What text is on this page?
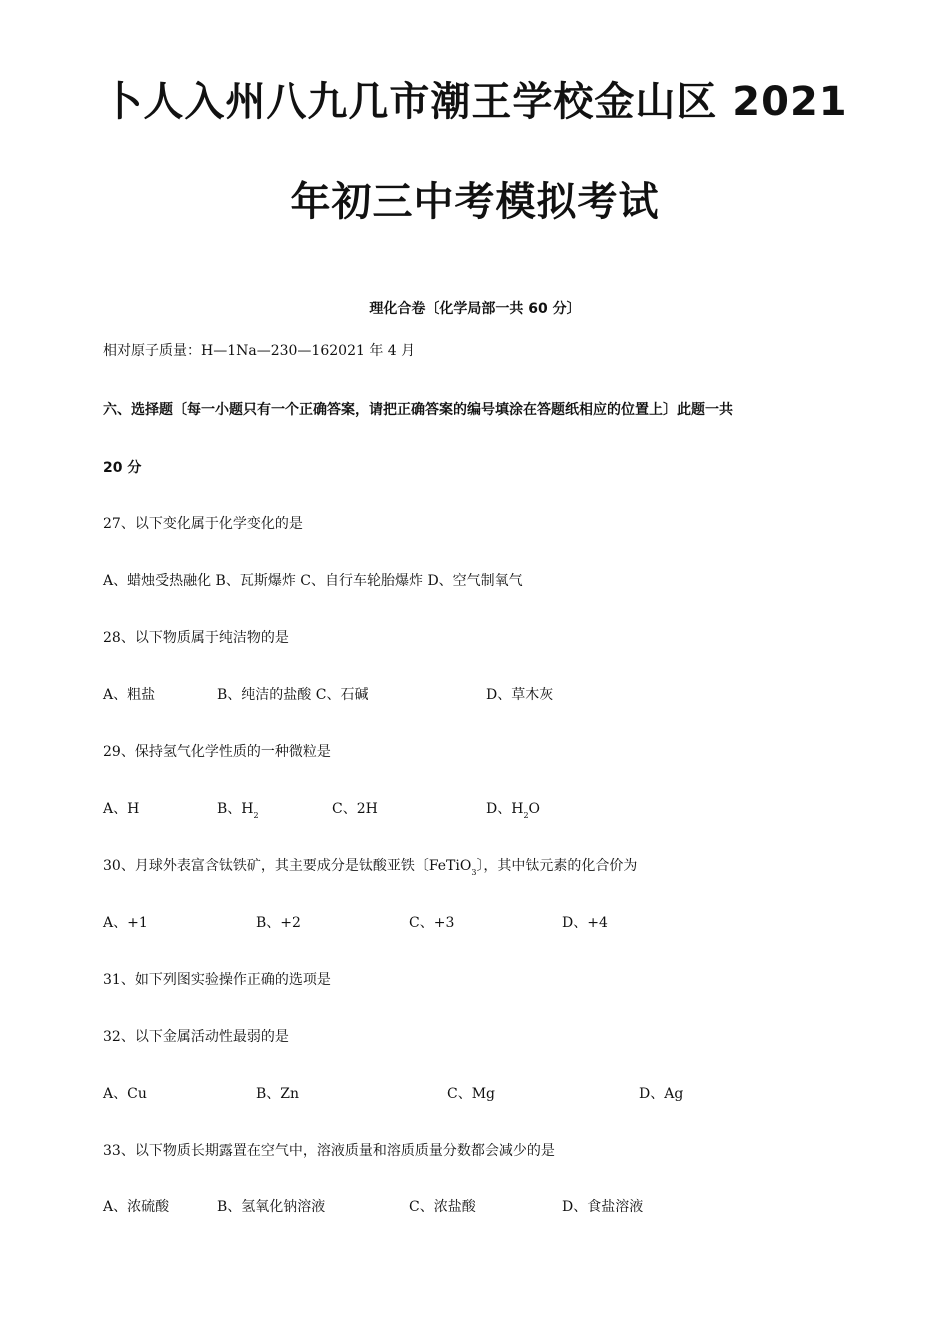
卜人入州八九几市潮王学校金山区 2021
年初三中考模拟考试
理化合卷〔化学局部一共 60 分〕
相对原子质量：H—1Na—230—162021 年 4 月
六、选择题〔每一小题只有一个正确答案，请把正确答案的编号填涂在答题纸相应的位置上〕此题一共
20 分
27、以下变化属于化学变化的是
A、蜡烛受热融化 B、瓦斯爆炸 C、自行车轮胎爆炸 D、空气制氧气
28、以下物质属于纯洁物的是
A、粗盐	B、纯洁的盐酸 C、石碱	D、草木灰
29、保持氢气化学性质的一种微粒是
A、H	B、$H_2$	C、2H	D、$H_2O$
30、月球外表富含钛铁矿，其主要成分是钛酸亚铁〔FeTiO$_3$〕，其中钛元素的化合价为
A、+1	B、+2	C、+3	D、+4
31、如下列图实验操作正确的选项是
32、以下金属活动性最弱的是
A、Cu	B、Zn	C、Mg	D、Ag
33、以下物质长期露置在空气中，溶液质量和溶质质量分数都会减少的是
A、浓硫酸	B、氢氧化钠溶液	C、浓盐酸	D、食盐溶液
